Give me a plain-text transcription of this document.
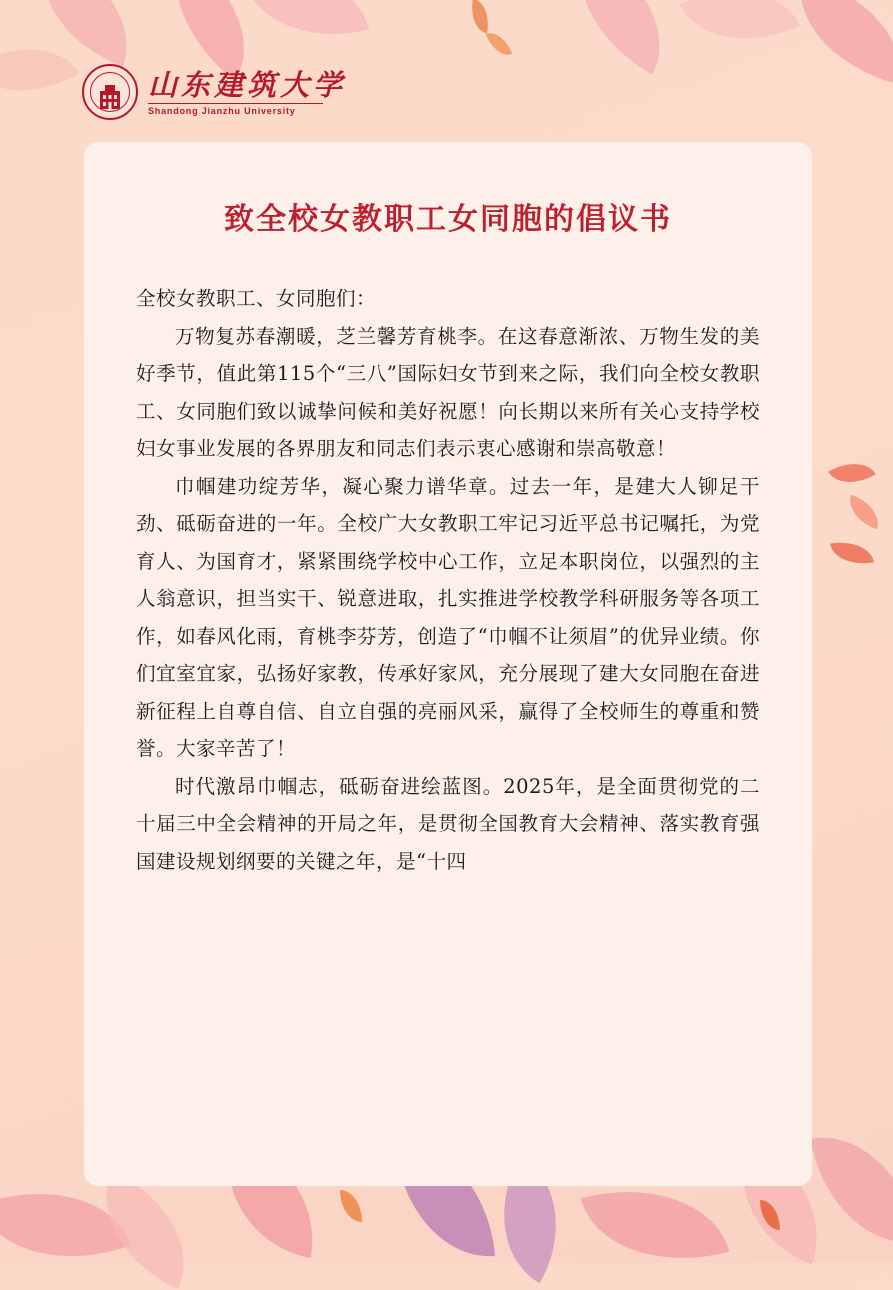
山东建筑大学
Shandong Jianzhu University
致全校女教职工女同胞的倡议书

全校女教职工、女同胞们：

万物复苏春潮暖，芝兰馨芳育桃李。在这春意渐浓、万物生发的美好季节，值此第115个“三八”国际妇女节到来之际，我们向全校女教职工、女同胞们致以诚挚问候和美好祝愿！向长期以来所有关心支持学校妇女事业发展的各界朋友和同志们表示衷心感谢和崇高敬意！

巾帼建功绽芳华，凝心聚力谱华章。过去一年，是建大人铆足干劲、砥砺奋进的一年。全校广大女教职工牢记习近平总书记嘱托，为党育人、为国育才，紧紧围绕学校中心工作，立足本职岗位，以强烈的主人翁意识，担当实干、锐意进取，扎实推进学校教学科研服务等各项工作，如春风化雨，育桃李芬芳，创造了“巾帼不让须眉”的优异业绩。你们宜室宜家，弘扬好家教，传承好家风，充分展现了建大女同胞在奋进新征程上自尊自信、自立自强的亮丽风采，赢得了全校师生的尊重和赞誉。大家辛苦了！

时代激昂巾帼志，砥砺奋进绘蓝图。2025年，是全面贯彻党的二十届三中全会精神的开局之年，是贯彻全国教育大会精神、落实教育强国建设规划纲要的关键之年，是“十四
